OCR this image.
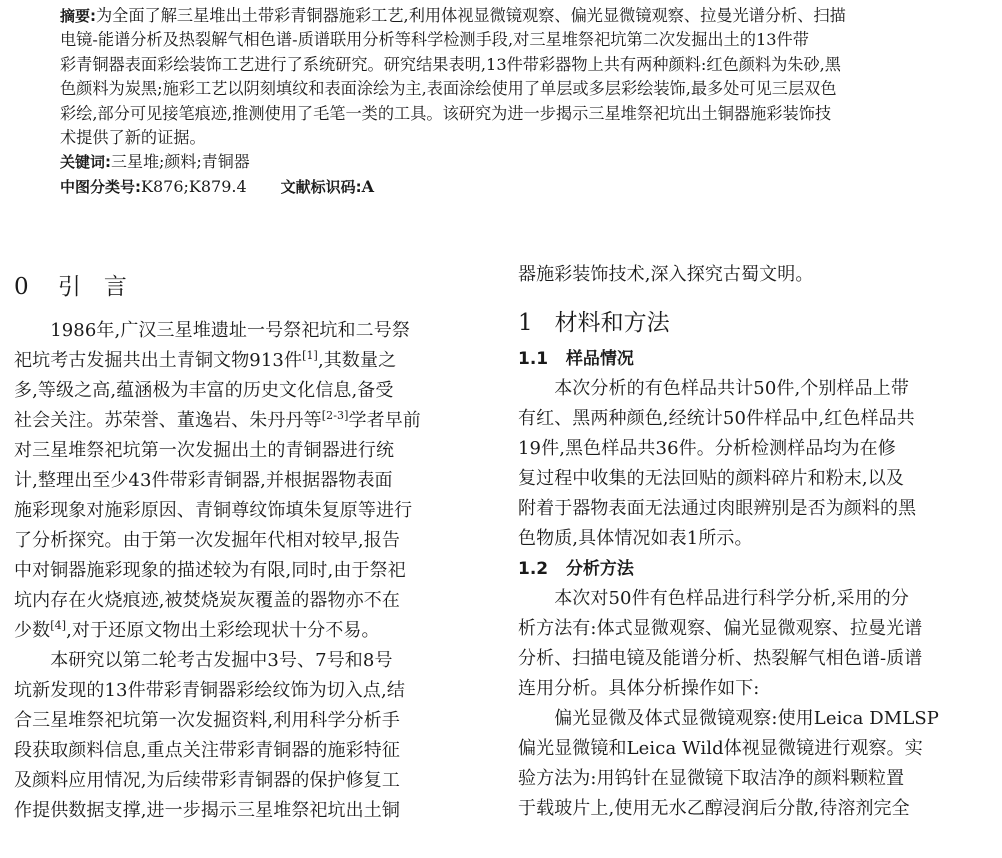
摘要:为全面了解三星堆出土带彩青铜器施彩工艺,利用体视显微镜观察、偏光显微镜观察、拉曼光谱分析、扫描
电镜-能谱分析及热裂解气相色谱-质谱联用分析等科学检测手段,对三星堆祭祀坑第二次发掘出土的13件带
彩青铜器表面彩绘装饰工艺进行了系统研究。研究结果表明,13件带彩器物上共有两种颜料:红色颜料为朱砂,黑
色颜料为炭黑;施彩工艺以阴刻填纹和表面涂绘为主,表面涂绘使用了单层或多层彩绘装饰,最多处可见三层双色
彩绘,部分可见接笔痕迹,推测使用了毛笔一类的工具。该研究为进一步揭示三星堆祭祀坑出土铜器施彩装饰技
术提供了新的证据。
关键词:三星堆;颜料;青铜器
中图分类号:K876;K879.4 文献标识码:A
0 引　言
　　1986年,广汉三星堆遗址一号祭祀坑和二号祭
祀坑考古发掘共出土青铜文物913件[1],其数量之
多,等级之高,蕴涵极为丰富的历史文化信息,备受
社会关注。苏荣誉、董逸岩、朱丹丹等[2-3]学者早前
对三星堆祭祀坑第一次发掘出土的青铜器进行统
计,整理出至少43件带彩青铜器,并根据器物表面
施彩现象对施彩原因、青铜尊纹饰填朱复原等进行
了分析探究。由于第一次发掘年代相对较早,报告
中对铜器施彩现象的描述较为有限,同时,由于祭祀
坑内存在火烧痕迹,被焚烧炭灰覆盖的器物亦不在
少数[4],对于还原文物出土彩绘现状十分不易。
　　本研究以第二轮考古发掘中3号、7号和8号
坑新发现的13件带彩青铜器彩绘纹饰为切入点,结
合三星堆祭祀坑第一次发掘资料,利用科学分析手
段获取颜料信息,重点关注带彩青铜器的施彩特征
及颜料应用情况,为后续带彩青铜器的保护修复工
作提供数据支撑,进一步揭示三星堆祭祀坑出土铜
器施彩装饰技术,深入探究古蜀文明。
1 材料和方法
1.1 样品情况
　　本次分析的有色样品共计50件,个别样品上带
有红、黑两种颜色,经统计50件样品中,红色样品共
19件,黑色样品共36件。分析检测样品均为在修
复过程中收集的无法回贴的颜料碎片和粉末,以及
附着于器物表面无法通过肉眼辨别是否为颜料的黑
色物质,具体情况如表1所示。
1.2 分析方法
　　本次对50件有色样品进行科学分析,采用的分
析方法有:体式显微观察、偏光显微观察、拉曼光谱
分析、扫描电镜及能谱分析、热裂解气相色谱-质谱
连用分析。具体分析操作如下:
　　偏光显微及体式显微镜观察:使用Leica DMLSP
偏光显微镜和Leica Wild体视显微镜进行观察。实
验方法为:用钨针在显微镜下取洁净的颜料颗粒置
于载玻片上,使用无水乙醇浸润后分散,待溶剂完全
